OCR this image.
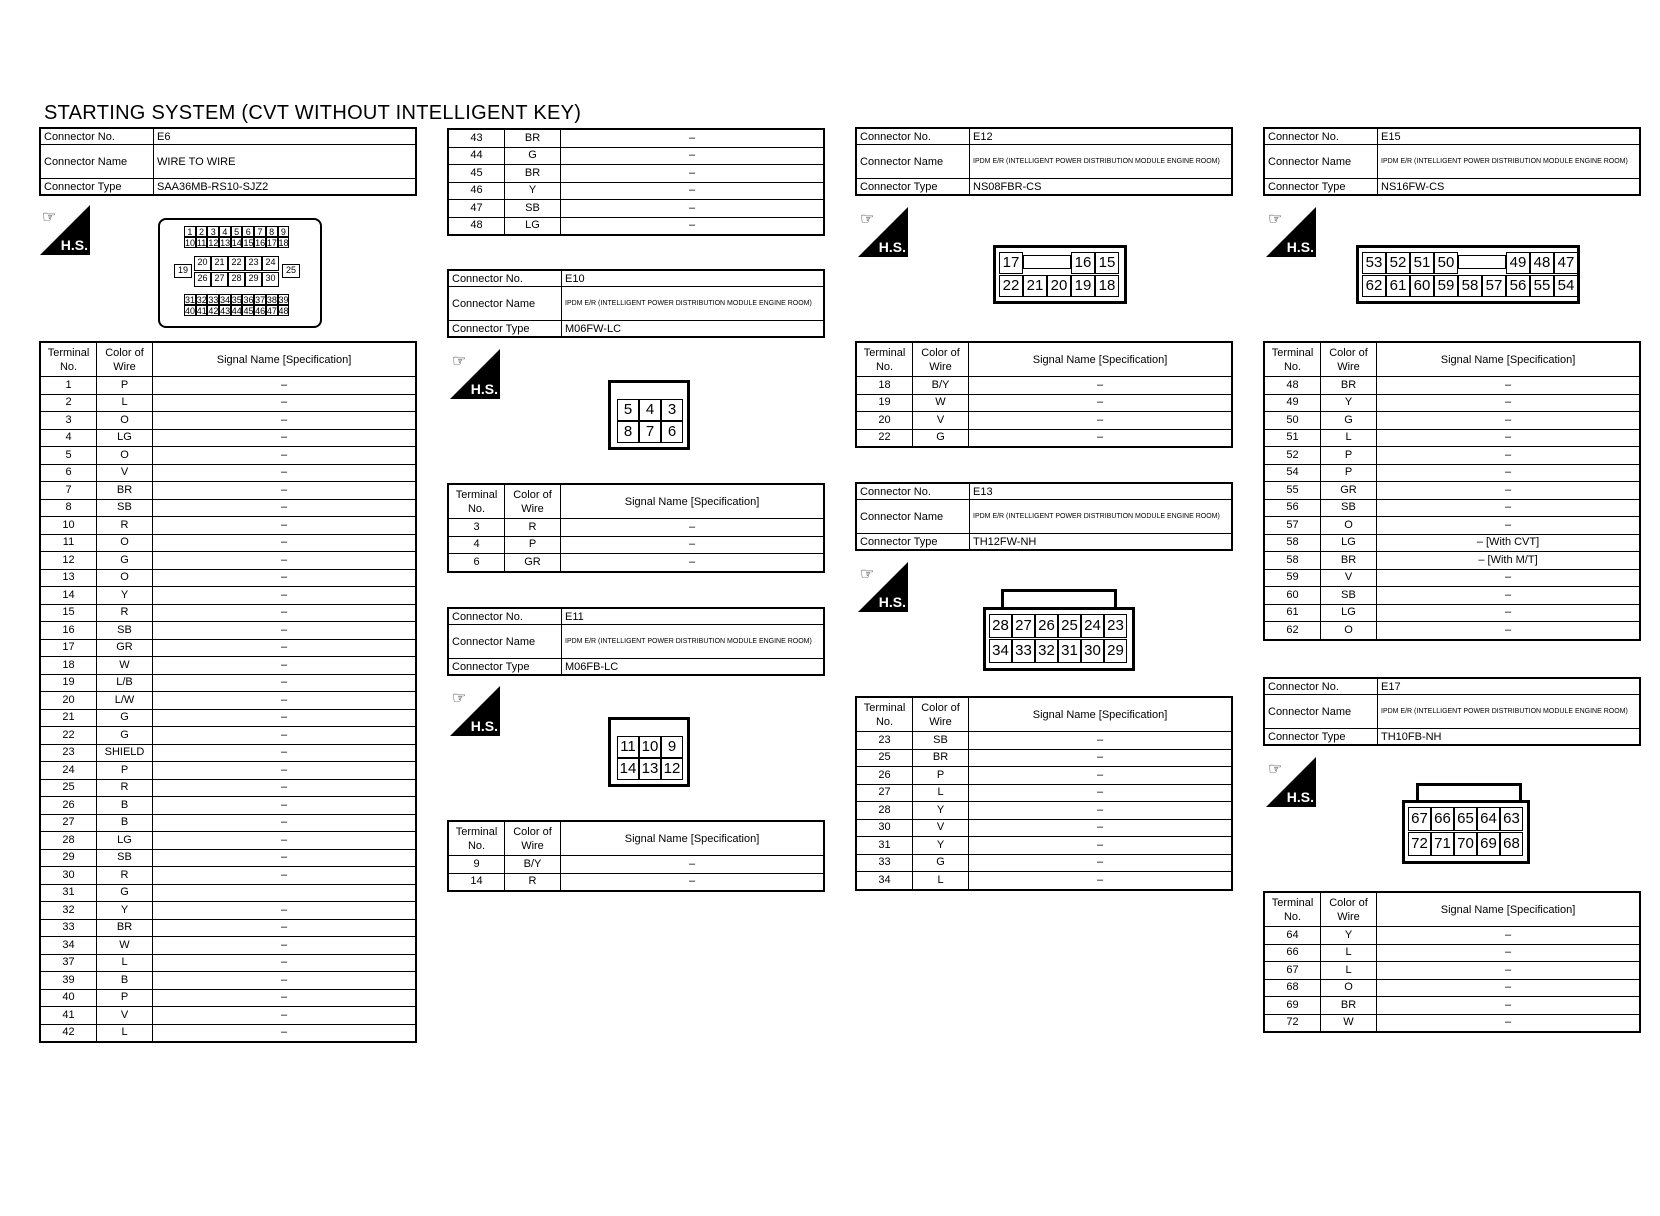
STARTING SYSTEM (CVT WITHOUT INTELLIGENT KEY)
Connector No.	E6
Connector Name	WIRE TO WIRE
Connector Type	SAA36MB-RS10-SJZ2
☞
H.S.
1 2 3 4 5 6 7 8 9
10 11 12 13 14 15 16 17 18
19
20 21 22 23 24
26 27 28 29 30
25
31 32 33 34 35 36 37 38 39
40 41 42 43 44 45 46 47 48
Terminal No.	Color of Wire	Signal Name [Specification]
1	P	–
2	L	–
3	O	–
4	LG	–
5	O	–
6	V	–
7	BR	–
8	SB	–
10	R	–
11	O	–
12	G	–
13	O	–
14	Y	–
15	R	–
16	SB	–
17	GR	–
18	W	–
19	L/B	–
20	L/W	–
21	G	–
22	G	–
23	SHIELD	–
24	P	–
25	R	–
26	B	–
27	B	–
28	LG	–
29	SB	–
30	R	–
31	G	
32	Y	–
33	BR	–
34	W	–
37	L	–
39	B	–
40	P	–
41	V	–
42	L	–
43	BR	–
44	G	–
45	BR	–
46	Y	–
47	SB	–
48	LG	–
Connector No.	E10
Connector Name	IPDM E/R (INTELLIGENT POWER DISTRIBUTION MODULE ENGINE ROOM)
Connector Type	M06FW-LC
☞
H.S.
5 4 3
8 7 6
Terminal No.	Color of Wire	Signal Name [Specification]
3	R	–
4	P	–
6	GR	–
Connector No.	E11
Connector Name	IPDM E/R (INTELLIGENT POWER DISTRIBUTION MODULE ENGINE ROOM)
Connector Type	M06FB-LC
☞
H.S.
11 10 9
14 13 12
Terminal No.	Color of Wire	Signal Name [Specification]
9	B/Y	–
14	R	–
Connector No.	E12
Connector Name	IPDM E/R (INTELLIGENT POWER DISTRIBUTION MODULE ENGINE ROOM)
Connector Type	NS08FBR-CS
☞
H.S.
17	16 15
22 21 20 19 18
Terminal No.	Color of Wire	Signal Name [Specification]
18	B/Y	–
19	W	–
20	V	–
22	G	–
Connector No.	E13
Connector Name	IPDM E/R (INTELLIGENT POWER DISTRIBUTION MODULE ENGINE ROOM)
Connector Type	TH12FW-NH
☞
H.S.
28 27 26 25 24 23
34 33 32 31 30 29
Terminal No.	Color of Wire	Signal Name [Specification]
23	SB	–
25	BR	–
26	P	–
27	L	–
28	Y	–
30	V	–
31	Y	–
33	G	–
34	L	–
Connector No.	E15
Connector Name	IPDM E/R (INTELLIGENT POWER DISTRIBUTION MODULE ENGINE ROOM)
Connector Type	NS16FW-CS
☞
H.S.
53 52 51 50	49 48 47
62 61 60 59 58 57 56 55 54
Terminal No.	Color of Wire	Signal Name [Specification]
48	BR	–
49	Y	–
50	G	–
51	L	–
52	P	–
54	P	–
55	GR	–
56	SB	–
57	O	–
58	LG	– [With CVT]
58	BR	– [With M/T]
59	V	–
60	SB	–
61	LG	–
62	O	–
Connector No.	E17
Connector Name	IPDM E/R (INTELLIGENT POWER DISTRIBUTION MODULE ENGINE ROOM)
Connector Type	TH10FB-NH
☞
H.S.
67 66 65 64 63
72 71 70 69 68
Terminal No.	Color of Wire	Signal Name [Specification]
64	Y	–
66	L	–
67	L	–
68	O	–
69	BR	–
72	W	–
